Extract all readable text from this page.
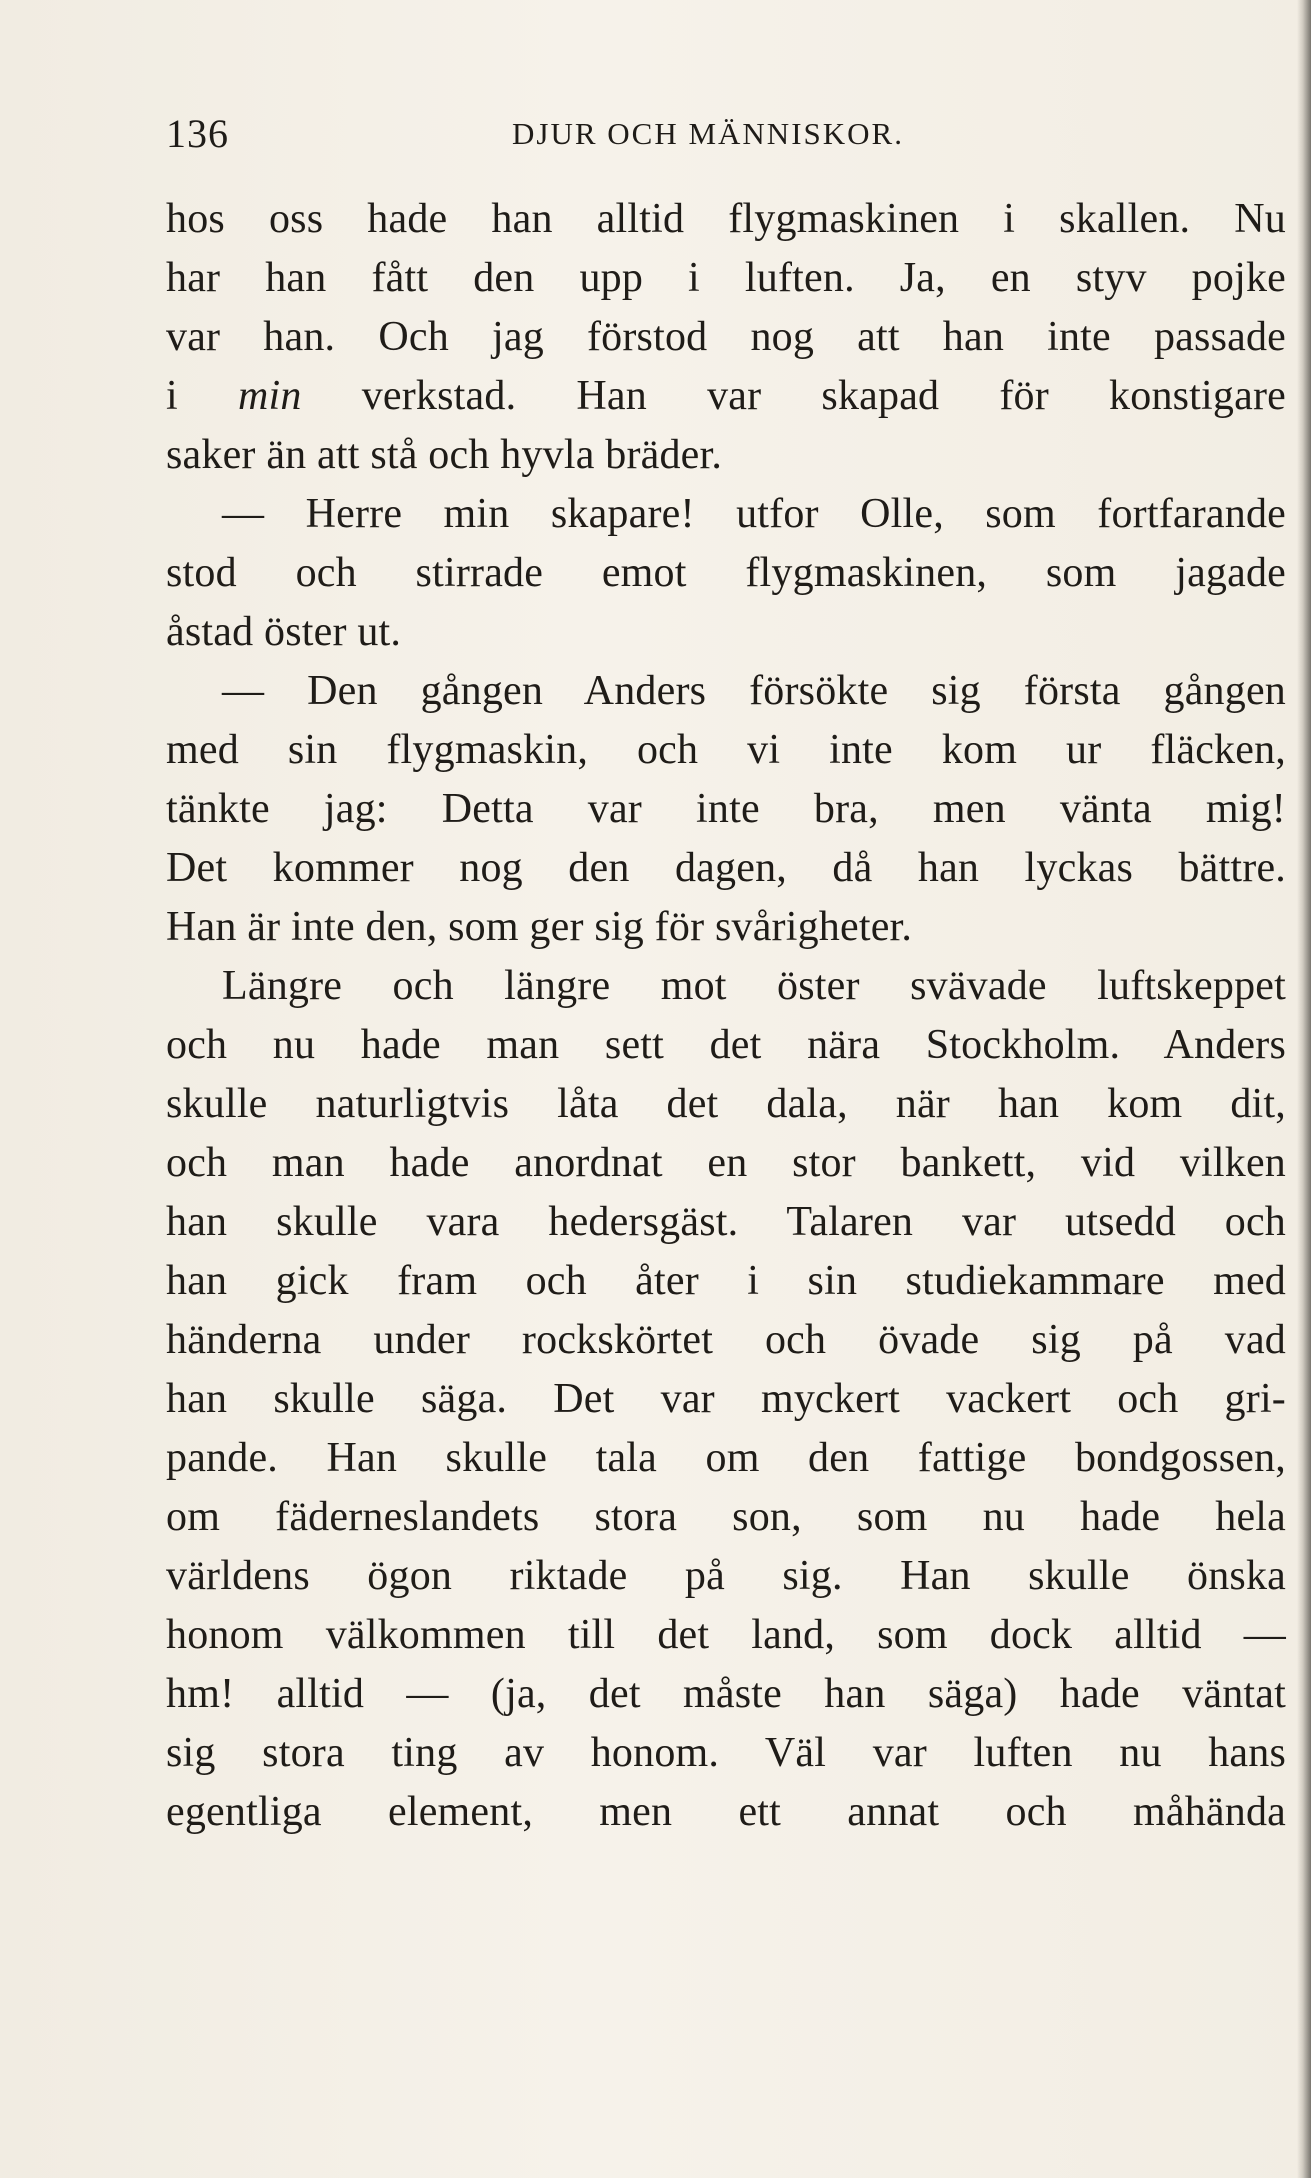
136	DJUR OCH MÄNNISKOR.
hos oss hade han alltid flygmaskinen i skallen. Nu
har han fått den upp i luften. Ja, en styv pojke
var han. Och jag förstod nog att han inte passade
i min verkstad. Han var skapad för konstigare
saker än att stå och hyvla bräder.
— Herre min skapare! utfor Olle, som fortfarande
stod och stirrade emot flygmaskinen, som jagade
åstad öster ut.
— Den gången Anders försökte sig första gången
med sin flygmaskin, och vi inte kom ur fläcken,
tänkte jag: Detta var inte bra, men vänta mig!
Det kommer nog den dagen, då han lyckas bättre.
Han är inte den, som ger sig för svårigheter.
Längre och längre mot öster svävade luftskeppet
och nu hade man sett det nära Stockholm. Anders
skulle naturligtvis låta det dala, när han kom dit,
och man hade anordnat en stor bankett, vid vilken
han skulle vara hedersgäst. Talaren var utsedd och
han gick fram och åter i sin studiekammare med
händerna under rockskörtet och övade sig på vad
han skulle säga. Det var myckert vackert och gri-
pande. Han skulle tala om den fattige bondgossen,
om fäderneslandets stora son, som nu hade hela
världens ögon riktade på sig. Han skulle önska
honom välkommen till det land, som dock alltid —
hm! alltid — (ja, det måste han säga) hade väntat
sig stora ting av honom. Väl var luften nu hans
egentliga element, men ett annat och måhända
